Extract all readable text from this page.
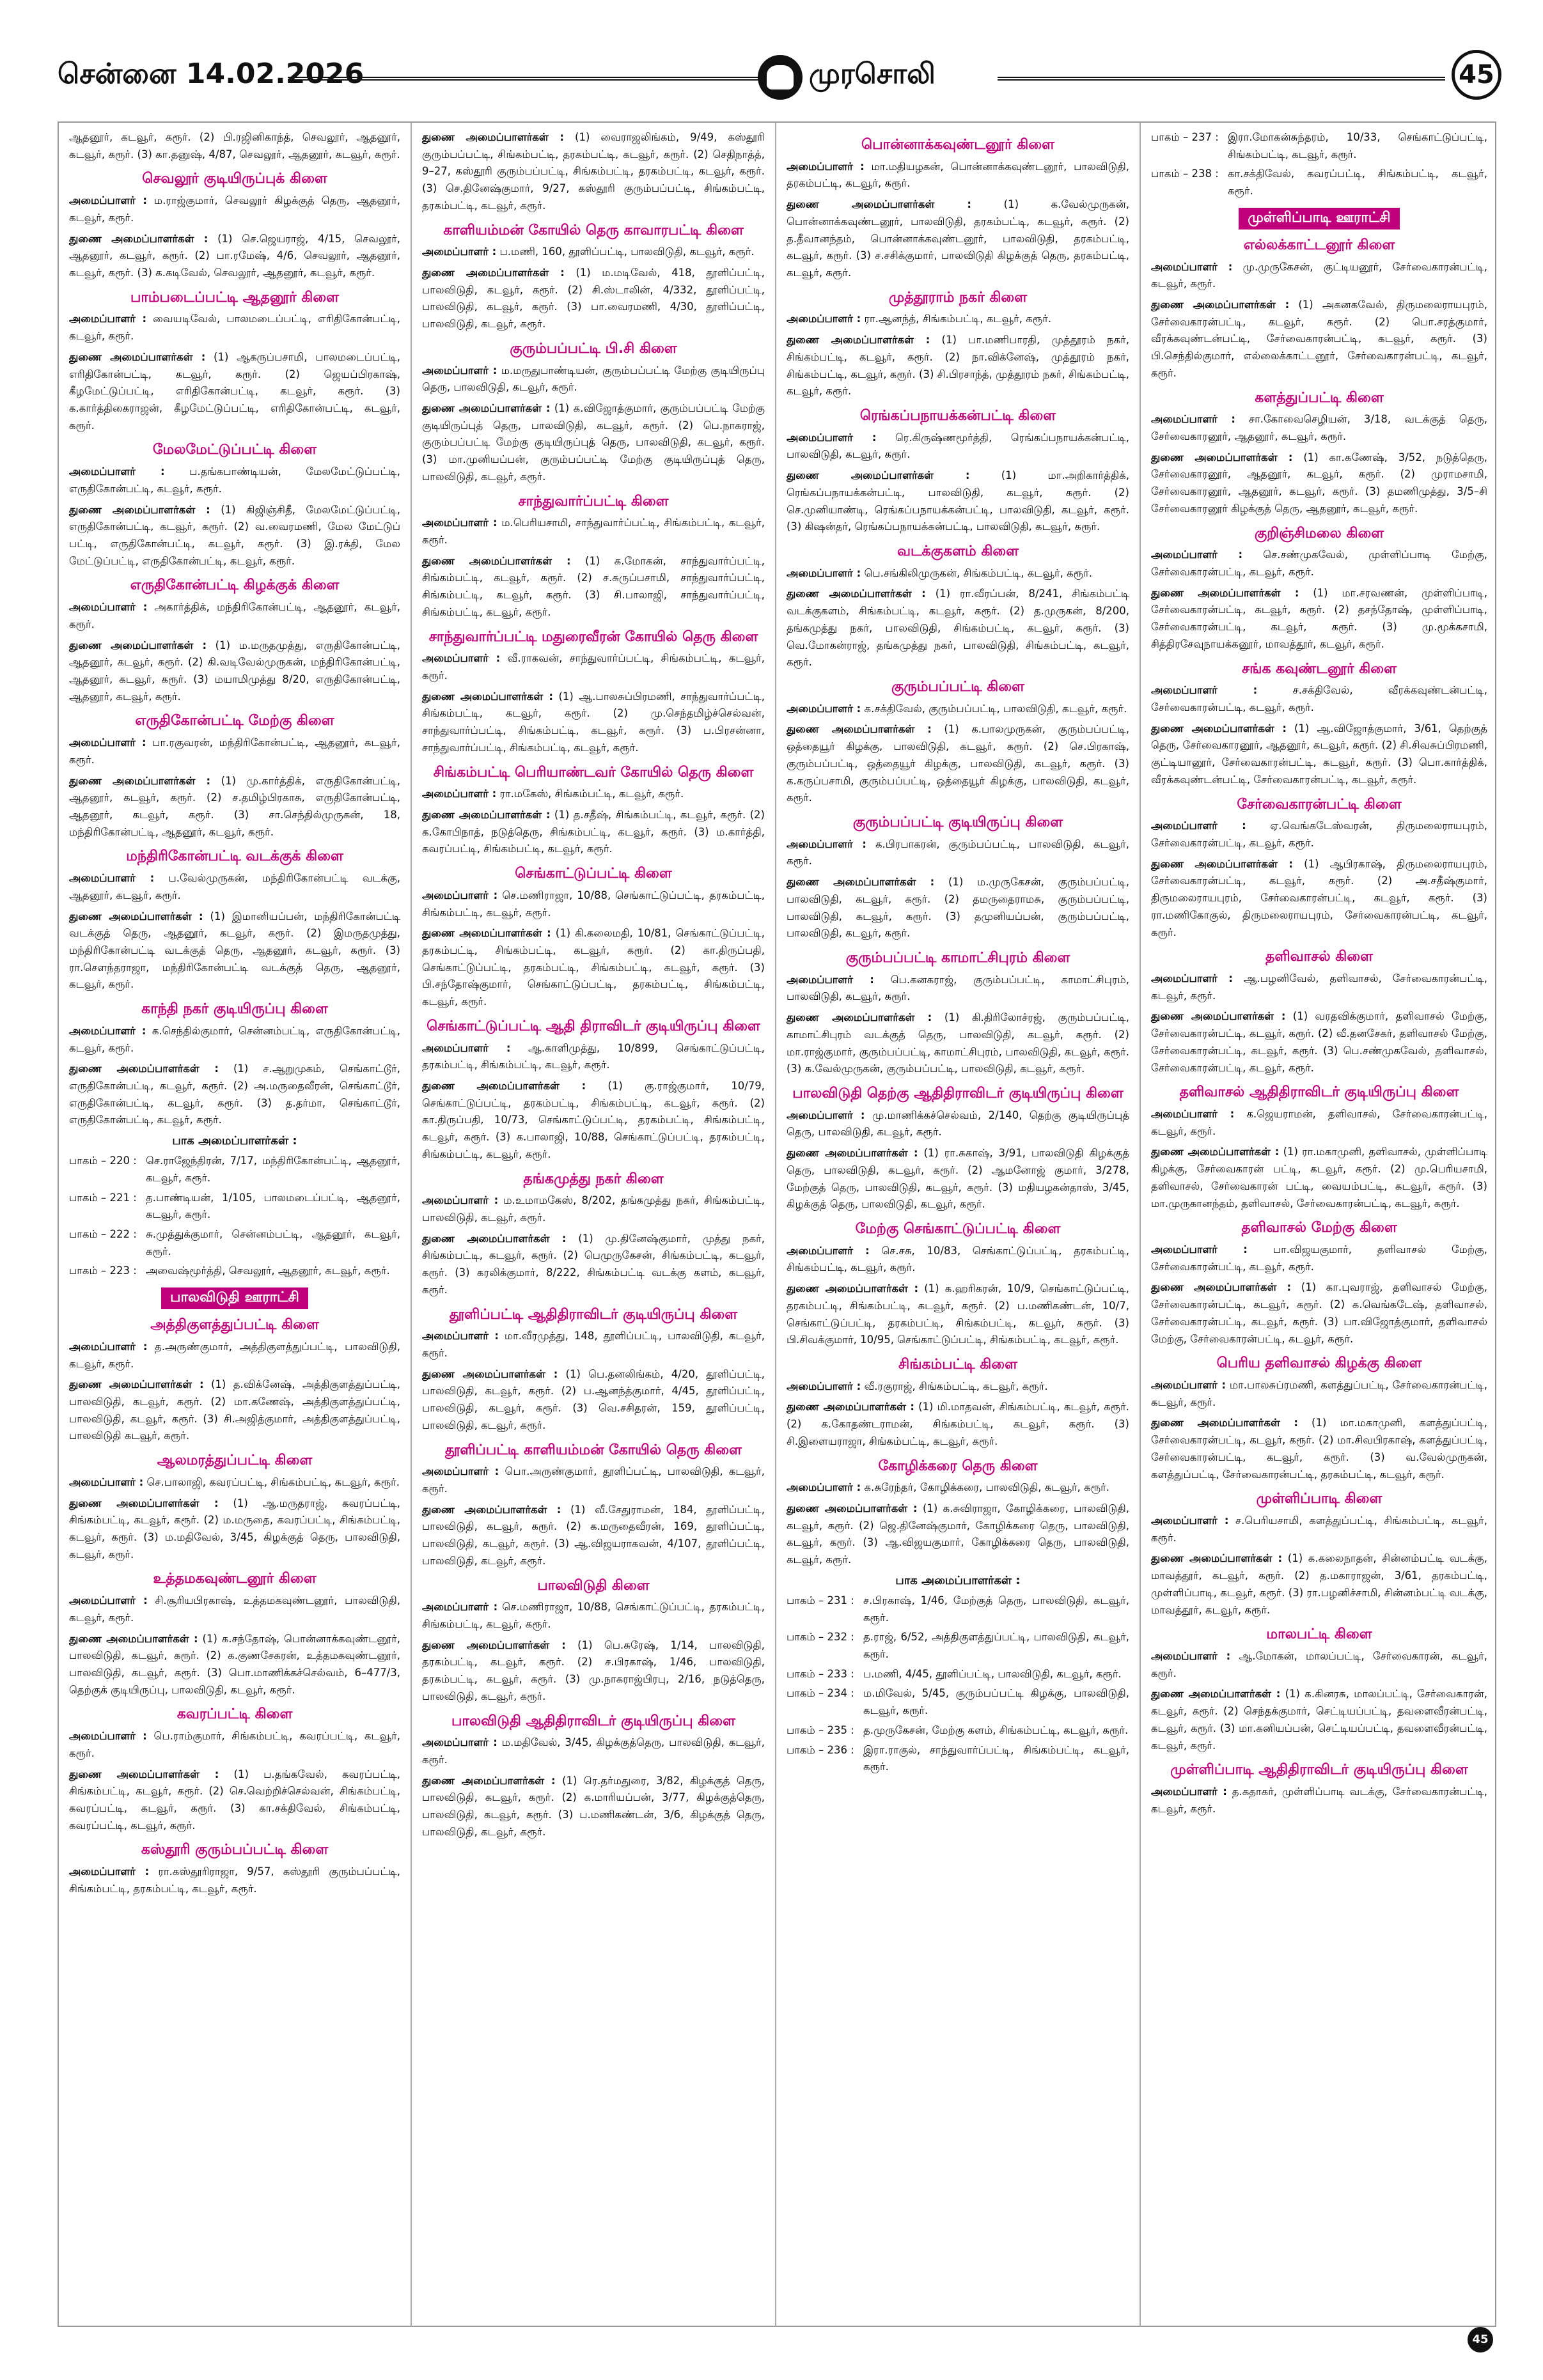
சென்னை 14.02.2026	முரசொலி	45

ஆதனூர், கடவூர், கரூர். (2) பி.ரஜினிகாந்த், செவலூர், ஆதனூர், கடவூர், கரூர். (3) கா.தனுஷ், 4/87, செவலூர், ஆதனூர், கடவூர், கரூர்.

செவலூர் குடியிருப்புக் கிளை

அமைப்பாளர் : ம.ராஜ்குமார், செவலூர் கிழக்குத் தெரு, ஆதனூர், கடவூர், கரூர்.

துணை அமைப்பாளர்கள் : (1) செ.ஜெயராஜ், 4/15, செவலூர், ஆதனூர், கடவூர், கரூர். (2) பா.ரமேஷ், 4/6, செவலூர், ஆதனூர், கடவூர், கரூர். (3) க.கடிவேல், செவலூர், ஆதனூர், கடவூர், கரூர்.

பாம்படைப்பட்டி ஆதனூர் கிளை

அமைப்பாளர் : வையடிவேல், பாலமடைப்பட்டி, எரிதிகோன்பட்டி, கடவூர், கரூர்.

துணை அமைப்பாளர்கள் : (1) ஆகருப்பசாமி, பாலமடைப்பட்டி, எரிதிகோன்பட்டி, கடவூர், கரூர். (2) ஜெயப்பிரகாஷ், கீழமேட்டுப்பட்டி, எரிதிகோன்பட்டி, கடவூர், கரூர். (3) க.கார்த்திகைராஜன், கீழமேட்டுப்பட்டி, எரிதிகோன்பட்டி, கடவூர், கரூர்.

மேலமேட்டுப்பட்டி கிளை

அமைப்பாளர் : ப.தங்கபாண்டியன், மேலமேட்டுப்பட்டி, எருதிகோன்பட்டி, கடவூர், கரூர்.

துணை அமைப்பாளர்கள் : (1) கிஜிஞ்சிதீ, மேலமேட்டுப்பட்டி, எருதிகோன்பட்டி, கடவூர், கரூர். (2) வ.வைரமணி, மேல மேட்டுப் பட்டி, எருதிகோன்பட்டி, கடவூர், கரூர். (3) இ.ரக்தி, மேல மேட்டுப்பட்டி, எருதிகோன்பட்டி, கடவூர், கரூர்.

எருதிகோன்பட்டி கிழக்குக் கிளை

அமைப்பாளர் : அகார்த்திக், மந்திரிகோன்பட்டி, ஆதனூர், கடவூர், கரூர்.

துணை அமைப்பாளர்கள் : (1) ம.மருதமுத்து, எருதிகோன்பட்டி, ஆதனூர், கடவூர், கரூர். (2) கி.வடிவேல்முருகன், மந்திரிகோன்பட்டி, ஆதனூர், கடவூர், கரூர். (3) மயாமிமுத்து 8/20, எருதிகோன்பட்டி, ஆதனூர், கடவூர், கரூர்.

எருதிகோன்பட்டி மேற்கு கிளை

அமைப்பாளர் : பா.ரகுவரன், மந்திரிகோன்பட்டி, ஆதனூர், கடவூர், கரூர்.

துணை அமைப்பாளர்கள் : (1) மு.கார்த்திக், எருதிகோன்பட்டி, ஆதனூர், கடவூர், கரூர். (2) ச.தமிழ்பிரகாசு, எருதிகோன்பட்டி, ஆதனூர், கடவூர், கரூர். (3) சா.செந்தில்முருகன், 18, மந்திரிகோன்பட்டி, ஆதனூர், கடவூர், கரூர்.

மந்திரிகோன்பட்டி வடக்குக் கிளை

அமைப்பாளர் : ப.வேல்முருகன், மந்திரிகோன்பட்டி வடக்கு, ஆதனூர், கடவூர், கரூர்.

துணை அமைப்பாளர்கள் : (1) இமானியப்பன், மந்திரிகோன்பட்டி வடக்குத் தெரு, ஆதனூர், கடவூர், கரூர். (2) இமருதமுத்து, மந்திரிகோன்பட்டி வடக்குத் தெரு, ஆதனூர், கடவூர், கரூர். (3) ரா.செளந்தராஜா, மந்திரிகோன்பட்டி வடக்குத் தெரு, ஆதனூர், கடவூர், கரூர்.

காந்தி நகர் குடியிருப்பு கிளை

அமைப்பாளர் : க.செந்தில்குமார், சென்னம்பட்டி, எருதிகோன்பட்டி, கடவூர், கரூர்.

துணை அமைப்பாளர்கள் : (1) ச.ஆறுமுகம், செங்காட்டூர், எருதிகோன்பட்டி, கடவூர், கரூர். (2) அ.மருதைவீரன், செங்காட்டூர், எருதிகோன்பட்டி, கடவூர், கரூர். (3) த.தர்மா, செங்காட்டூர், எருதிகோன்பட்டி, கடவூர், கரூர்.

பாக அமைப்பாளர்கள் :
பாகம் – 220 : செ.ராஜேந்திரன், 7/17, மந்திரிகோன்பட்டி, ஆதனூர், கடவூர், கரூர்.
பாகம் – 221 : த.பாண்டியன், 1/105, பாலமடைப்பட்டி, ஆதனூர், கடவூர், கரூர்.
பாகம் – 222 : சு.முத்துக்குமார், சென்னம்பட்டி, ஆதனூர், கடவூர், கரூர்.
பாகம் – 223 : அவைஷ்மூர்த்தி, செவலூர், ஆதனூர், கடவூர், கரூர்.
பாலவிடுதி ஊராட்சி
அத்திகுளத்துப்பட்டி கிளை

அமைப்பாளர் : த.அருண்குமார், அத்திகுளத்துப்பட்டி, பாலவிடுதி, கடவூர், கரூர்.

துணை அமைப்பாளர்கள் : (1) த.விக்னேஷ், அத்திகுளத்துப்பட்டி, பாலவிடுதி, கடவூர், கரூர். (2) மா.கணேஷ், அத்திகுளத்துப்பட்டி, பாலவிடுதி, கடவூர், கரூர். (3) சி.அஜித்குமார், அத்திகுளத்துப்பட்டி, பாலவிடுதி கடவூர், கரூர்.

ஆலமரத்துப்பட்டி கிளை

அமைப்பாளர் : செ.பாலாஜி, கவரப்பட்டி, சிங்கம்பட்டி, கடவூர், கரூர்.

துணை அமைப்பாளர்கள் : (1) ஆ.மருதராஜ், கவரப்பட்டி, சிங்கம்பட்டி, கடவூர், கரூர். (2) ம.மருதை, கவரப்பட்டி, சிங்கம்பட்டி, கடவூர், கரூர். (3) ம.மதிவேல், 3/45, கிழக்குத் தெரு, பாலவிடுதி, கடவூர், கரூர்.

உத்தமகவுண்டனூர் கிளை

அமைப்பாளர் : சி.சூரியபிரகாஷ், உத்தமகவுண்டனூர், பாலவிடுதி, கடவூர், கரூர்.

துணை அமைப்பாளர்கள் : (1) க.சந்தோஷ், பொன்னாக்கவுண்டனூர், பாலவிடுதி, கடவூர், கரூர். (2) க.குணசேகரன், உத்தமகவுண்டனூர், பாலவிடுதி, கடவூர், கரூர். (3) பொ.மாணிக்கச்செல்வம், 6–477/3, தெற்குக் குடியிருப்பு, பாலவிடுதி, கடவூர், கரூர்.

கவரப்பட்டி கிளை

அமைப்பாளர் : பெ.ராம்குமார், சிங்கம்பட்டி, கவரப்பட்டி, கடவூர், கரூர்.

துணை அமைப்பாளர்கள் : (1) ப.தங்கவேல், கவரப்பட்டி, சிங்கம்பட்டி, கடவூர், கரூர். (2) செ.வெற்றிச்செல்வன், சிங்கம்பட்டி, கவரப்பட்டி, கடவூர், கரூர். (3) கா.சக்திவேல், சிங்கம்பட்டி, கவரப்பட்டி, கடவூர், கரூர்.

கஸ்தூரி குரும்பப்பட்டி கிளை

அமைப்பாளர் : ரா.கஸ்தூரிராஜா, 9/57, கஸ்தூரி குரும்பப்பட்டி, சிங்கம்பட்டி, தரகம்பட்டி, கடவூர், கரூர்.

துணை அமைப்பாளர்கள் : (1) வைராஜலிங்கம், 9/49, கஸ்தூரி குரும்பப்பட்டி, சிங்கம்பட்டி, தரகம்பட்டி, கடவூர், கரூர். (2) செதிநாத்த், 9–27, கஸ்தூரி குரும்பப்பட்டி, சிங்கம்பட்டி, தரகம்பட்டி, கடவூர், கரூர். (3) செ.தினேஷ்குமார், 9/27, கஸ்தூரி குரும்பப்பட்டி, சிங்கம்பட்டி, தரகம்பட்டி, கடவூர், கரூர்.

காளியம்மன் கோயில் தெரு காவாரபட்டி கிளை

அமைப்பாளர் : ப.மணி, 160, தூளிப்பட்டி, பாலவிடுதி, கடவூர், கரூர்.

துணை அமைப்பாளர்கள் : (1) ம.மடிவேல், 418, தூளிப்பட்டி, பாலவிடுதி, கடவூர், கரூர். (2) சி.ஸ்டாலின், 4/332, தூளிப்பட்டி, பாலவிடுதி, கடவூர், கரூர். (3) பா.வைரமணி, 4/30, தூளிப்பட்டி, பாலவிடுதி, கடவூர், கரூர்.

குரும்பப்பட்டி பி.சி கிளை

அமைப்பாளர் : ம.மருதுபாண்டியன், குரும்பப்பட்டி மேற்கு குடியிருப்பு தெரு, பாலவிடுதி, கடவூர், கரூர்.

துணை அமைப்பாளர்கள் : (1) க.விஜோத்குமார், குரும்பப்பட்டி மேற்கு குடியிருப்புத் தெரு, பாலவிடுதி, கடவூர், கரூர். (2) பெ.நாகராஜ், குரும்பப்பட்டி மேற்கு குடியிருப்புத் தெரு, பாலவிடுதி, கடவூர், கரூர். (3) மா.முனியப்பன், குரும்பப்பட்டி மேற்கு குடியிருப்புத் தெரு, பாலவிடுதி, கடவூர், கரூர்.

சாந்துவார்ப்பட்டி கிளை

அமைப்பாளர் : ம.பெரியசாமி, சாந்துவார்ப்பட்டி, சிங்கம்பட்டி, கடவூர், கரூர்.

துணை அமைப்பாளர்கள் : (1) க.மோகன், சாந்துவார்ப்பட்டி, சிங்கம்பட்டி, கடவூர், கரூர். (2) ச.சுருப்பசாமி, சாந்துவார்ப்பட்டி, சிங்கம்பட்டி, கடவூர், கரூர். (3) சி.பாலாஜி, சாந்துவார்ப்பட்டி, சிங்கம்பட்டி, கடவூர், கரூர்.

சாந்துவார்ப்பட்டி மதுரைவீரன் கோயில் தெரு கிளை

அமைப்பாளர் : வீ.ராகவன், சாந்துவார்ப்பட்டி, சிங்கம்பட்டி, கடவூர், கரூர்.

துணை அமைப்பாளர்கள் : (1) ஆ.பாலசுப்பிரமணி, சாந்துவார்ப்பட்டி, சிங்கம்பட்டி, கடவூர், கரூர். (2) மு.செந்தமிழ்ச்செல்வன், சாந்துவார்ப்பட்டி, சிங்கம்பட்டி, கடவூர், கரூர். (3) ப.பிரசன்னா, சாந்துவார்ப்பட்டி, சிங்கம்பட்டி, கடவூர், கரூர்.

சிங்கம்பட்டி பெரியாண்டவர் கோயில் தெரு கிளை

அமைப்பாளர் : ரா.மகேஸ், சிங்கம்பட்டி, கடவூர், கரூர்.

துணை அமைப்பாளர்கள் : (1) த.சதீஷ், சிங்கம்பட்டி, கடவூர், கரூர். (2) க.கோபிநாத், நடுத்தெரு, சிங்கம்பட்டி, கடவூர், கரூர். (3) ம.கார்த்தி, கவரப்பட்டி, சிங்கம்பட்டி, கடவூர், கரூர்.

செங்காட்டுப்பட்டி கிளை

அமைப்பாளர் : செ.மணிராஜா, 10/88, செங்காட்டுப்பட்டி, தரகம்பட்டி, சிங்கம்பட்டி, கடவூர், கரூர்.

துணை அமைப்பாளர்கள் : (1) கி.கலைமதி, 10/81, செங்காட்டுப்பட்டி, தரகம்பட்டி, சிங்கம்பட்டி, கடவூர், கரூர். (2) கா.திருப்பதி, செங்காட்டுப்பட்டி, தரகம்பட்டி, சிங்கம்பட்டி, கடவூர், கரூர். (3) பி.சந்தோஷ்குமார், செங்காட்டுப்பட்டி, தரகம்பட்டி, சிங்கம்பட்டி, கடவூர், கரூர்.

செங்காட்டுப்பட்டி ஆதி திராவிடர் குடியிருப்பு கிளை

அமைப்பாளர் : ஆ.காளிமுத்து, 10/899, செங்காட்டுப்பட்டி, தரகம்பட்டி, சிங்கம்பட்டி, கடவூர், கரூர்.

துணை அமைப்பாளர்கள் : (1) கு.ராஜ்குமார், 10/79, செங்காட்டுப்பட்டி, தரகம்பட்டி, சிங்கம்பட்டி, கடவூர், கரூர். (2) கா.திருப்பதி, 10/73, செங்காட்டுப்பட்டி, தரகம்பட்டி, சிங்கம்பட்டி, கடவூர், கரூர். (3) க.பாலாஜி, 10/88, செங்காட்டுப்பட்டி, தரகம்பட்டி, சிங்கம்பட்டி, கடவூர், கரூர்.

தங்கமுத்து நகர் கிளை

அமைப்பாளர் : ம.உமாமகேஸ், 8/202, தங்கமுத்து நகர், சிங்கம்பட்டி, பாலவிடுதி, கடவூர், கரூர்.

துணை அமைப்பாளர்கள் : (1) மு.தினேஷ்குமார், முத்து நகர், சிங்கம்பட்டி, கடவூர், கரூர். (2) பெமுருகேசன், சிங்கம்பட்டி, கடவூர், கரூர். (3) கரலிக்குமார், 8/222, சிங்கம்பட்டி வடக்கு களம், கடவூர், கரூர்.

தூளிப்பட்டி ஆதிதிராவிடர் குடியிருப்பு கிளை

அமைப்பாளர் : மா.வீரமுத்து, 148, தூளிப்பட்டி, பாலவிடுதி, கடவூர், கரூர்.

துணை அமைப்பாளர்கள் : (1) பெ.தனலிங்கம், 4/20, தூளிப்பட்டி, பாலவிடுதி, கடவூர், கரூர். (2) ப.ஆனந்த்குமார், 4/45, தூளிப்பட்டி, பாலவிடுதி, கடவூர், கரூர். (3) வெ.சசிதரன், 159, தூளிப்பட்டி, பாலவிடுதி, கடவூர், கரூர்.

தூளிப்பட்டி காளியம்மன் கோயில் தெரு கிளை

அமைப்பாளர் : பொ.அருண்குமார், தூளிப்பட்டி, பாலவிடுதி, கடவூர், கரூர்.

துணை அமைப்பாளர்கள் : (1) வீ.சேதுராமன், 184, தூளிப்பட்டி, பாலவிடுதி, கடவூர், கரூர். (2) க.மருதைவீரன், 169, தூளிப்பட்டி, பாலவிடுதி, கடவூர், கரூர். (3) ஆ.விஜயராகவன், 4/107, தூளிப்பட்டி, பாலவிடுதி, கடவூர், கரூர்.

பாலவிடுதி கிளை

அமைப்பாளர் : செ.மணிராஜா, 10/88, செங்காட்டுப்பட்டி, தரகம்பட்டி, சிங்கம்பட்டி, கடவூர், கரூர்.

துணை அமைப்பாளர்கள் : (1) பெ.சுரேஷ், 1/14, பாலவிடுதி, தரகம்பட்டி, கடவூர், கரூர். (2) ச.பிரகாஷ், 1/46, பாலவிடுதி, தரகம்பட்டி, கடவூர், கரூர். (3) மு.நாகராஜ்பிரபு, 2/16, நடுத்தெரு, பாலவிடுதி, கடவூர், கரூர்.

பாலவிடுதி ஆதிதிராவிடர் குடியிருப்பு கிளை

அமைப்பாளர் : ம.மதிவேல், 3/45, கிழக்குத்தெரு, பாலவிடுதி, கடவூர், கரூர்.

துணை அமைப்பாளர்கள் : (1) ரெ.தர்மதுரை, 3/82, கிழக்குத் தெரு, பாலவிடுதி, கடவூர், கரூர். (2) க.மாரியப்பன், 3/77, கிழக்குத்தெரு, பாலவிடுதி, கடவூர், கரூர். (3) ப.மணிகண்டன், 3/6, கிழக்குத் தெரு, பாலவிடுதி, கடவூர், கரூர்.

பொன்னாக்கவுண்டனூர் கிளை

அமைப்பாளர் : மா.மதியழகன், பொன்னாக்கவுண்டனூர், பாலவிடுதி, தரகம்பட்டி, கடவூர், கரூர்.

துணை அமைப்பாளர்கள் :	(1) க.வேல்முருகன், பொன்னாக்கவுண்டனூர், பாலவிடுதி, தரகம்பட்டி, கடவூர், கரூர். (2) த.தீவானந்தம், பொன்னாக்கவுண்டனூர், பாலவிடுதி, தரகம்பட்டி, கடவூர், கரூர். (3) ச.சசிக்குமார், பாலவிடுதி கிழக்குத் தெரு, தரகம்பட்டி, கடவூர், கரூர்.

முத்தூராம் நகர் கிளை

அமைப்பாளர் : ரா.ஆனந்த், சிங்கம்பட்டி, கடவூர், கரூர்.

துணை அமைப்பாளர்கள் : (1) பா.மணிபாரதி, முத்தூரம் நகர், சிங்கம்பட்டி, கடவூர், கரூர். (2) நா.விக்னேஷ், முத்தூரம் நகர், சிங்கம்பட்டி, கடவூர், கரூர். (3) சி.பிரசாந்த், முத்தூரம் நகர், சிங்கம்பட்டி, கடவூர், கரூர்.

ரெங்கப்பநாயக்கன்பட்டி கிளை

அமைப்பாளர் : ரெ.கிருஷ்ணமூர்த்தி, ரெங்கப்பநாயக்கன்பட்டி, பாலவிடுதி, கடவூர், கரூர்.

துணை அமைப்பாளர்கள் :	(1) மா.அறிகார்த்திக், ரெங்கப்பநாயக்கன்பட்டி, பாலவிடுதி, கடவூர், கரூர். (2) செ.முனியாண்டி, ரெங்கப்பநாயக்கன்பட்டி, பாலவிடுதி, கடவூர், கரூர். (3) கிஷன்தர், ரெங்கப்பநாயக்கன்பட்டி, பாலவிடுதி, கடவூர், கரூர்.

வடக்குகளம் கிளை

அமைப்பாளர் : பெ.சங்கிலிமுருகன், சிங்கம்பட்டி, கடவூர், கரூர்.

துணை அமைப்பாளர்கள் : (1) ரா.வீரப்பன், 8/241, சிங்கம்பட்டி வடக்குகளம், சிங்கம்பட்டி, கடவூர், கரூர். (2) த.முருகன், 8/200, தங்கமுத்து நகர், பாலவிடுதி, சிங்கம்பட்டி, கடவூர், கரூர். (3) வெ.மோகன்ராஜ், தங்கமுத்து நகர், பாலவிடுதி, சிங்கம்பட்டி, கடவூர், கரூர்.

குரும்பப்பட்டி கிளை

அமைப்பாளர் : க.சக்திவேல், குரும்பப்பட்டி, பாலவிடுதி, கடவூர், கரூர்.

துணை அமைப்பாளர்கள் : (1) க.பாலமுருகன், குரும்பப்பட்டி, ஒத்தையூர் கிழக்கு, பாலவிடுதி, கடவூர், கரூர். (2) செ.பிரகாஷ், குரும்பப்பட்டி, ஒத்தையூர் கிழக்கு, பாலவிடுதி, கடவூர், கரூர். (3) க.கருப்பசாமி, குரும்பப்பட்டி, ஒத்தையூர் கிழக்கு, பாலவிடுதி, கடவூர், கரூர்.

குரும்பப்பட்டி குடியிருப்பு கிளை

அமைப்பாளர் : க.பிரபாகரன், குரும்பப்பட்டி, பாலவிடுதி, கடவூர், கரூர்.

துணை அமைப்பாளர்கள் : (1) ம.முருகேசன், குரும்பப்பட்டி, பாலவிடுதி, கடவூர், கரூர். (2) தமருதைராமசு, குரும்பப்பட்டி, பாலவிடுதி, கடவூர், கரூர். (3) தமுனியப்பன், குரும்பப்பட்டி, பாலவிடுதி, கடவூர், கரூர்.

குரும்பப்பட்டி காமாட்சிபுரம் கிளை

அமைப்பாளர் : பெ.கனகராஜ், குரும்பப்பட்டி, காமாட்சிபுரம், பாலவிடுதி, கடவூர், கரூர்.

துணை அமைப்பாளர்கள் : (1) கி.திரிலோச்ரஜ், குரும்பப்பட்டி, காமாட்சிபுரம் வடக்குத் தெரு, பாலவிடுதி, கடவூர், கரூர். (2) மா.ராஜ்குமார், குரும்பப்பட்டி, காமாட்சிபுரம், பாலவிடுதி, கடவூர், கரூர். (3) க.வேல்முருகன், குரும்பப்பட்டி, பாலவிடுதி, கடவூர், கரூர்.

பாலவிடுதி தெற்கு ஆதிதிராவிடர் குடியிருப்பு கிளை

அமைப்பாளர் : மு.மாணிக்கச்செல்வம், 2/140, தெற்கு குடியிருப்புத் தெரு, பாலவிடுதி, கடவூர், கரூர்.

துணை அமைப்பாளர்கள் : (1) ரா.சுகாஷ், 3/91, பாலவிடுதி கிழக்குத் தெரு, பாலவிடுதி, கடவூர், கரூர். (2) ஆமனோஜ் குமார், 3/278, மேற்குத் தெரு, பாலவிடுதி, கடவூர், கரூர். (3) மதியழகன்தாஸ், 3/45, கிழக்குத் தெரு, பாலவிடுதி, கடவூர், கரூர்.

மேற்கு செங்காட்டுப்பட்டி கிளை

அமைப்பாளர் : செ.சசு, 10/83, செங்காட்டுப்பட்டி, தரகம்பட்டி, சிங்கம்பட்டி, கடவூர், கரூர்.

துணை அமைப்பாளர்கள் : (1) க.ஹரிகரன், 10/9, செங்காட்டுப்பட்டி, தரகம்பட்டி, சிங்கம்பட்டி, கடவூர், கரூர். (2) ப.மணிகண்டன், 10/7, செங்காட்டுப்பட்டி, தரகம்பட்டி, சிங்கம்பட்டி, கடவூர், கரூர். (3) பி.சிவக்குமார், 10/95, செங்காட்டுப்பட்டி, சிங்கம்பட்டி, கடவூர், கரூர்.

சிங்கம்பட்டி கிளை

அமைப்பாளர் : வீ.ரகுராஜ், சிங்கம்பட்டி, கடவூர், கரூர்.

துணை அமைப்பாளர்கள் : (1) மி.மாதவன், சிங்கம்பட்டி, கடவூர், கரூர். (2) க.கோதண்டராமன், சிங்கம்பட்டி, கடவூர், கரூர். (3) சி.இளையராஜா, சிங்கம்பட்டி, கடவூர், கரூர்.

கோழிக்கரை தெரு கிளை

அமைப்பாளர் : க.சுரேந்தர், கோழிக்கரை, பாலவிடுதி, கடவூர், கரூர்.

துணை அமைப்பாளர்கள் : (1) க.சுவிராஜா, கோழிக்கரை, பாலவிடுதி, கடவூர், கரூர். (2) ஜெ.தினேஷ்குமார், கோழிக்கரை தெரு, பாலவிடுதி, கடவூர், கரூர். (3) ஆ.விஜயகுமார், கோழிக்கரை தெரு, பாலவிடுதி, கடவூர், கரூர்.

பாக அமைப்பாளர்கள் :
பாகம் – 231 : ச.பிரகாஷ், 1/46, மேற்குத் தெரு, பாலவிடுதி, கடவூர், கரூர்.
பாகம் – 232 : த.ராஜ், 6/52, அத்திகுளத்துப்பட்டி, பாலவிடுதி, கடவூர், கரூர்.
பாகம் – 233 : ப.மணி, 4/45, தூளிப்பட்டி, பாலவிடுதி, கடவூர், கரூர்.
பாகம் – 234 : ம.மிவேல், 5/45, குரும்பப்பட்டி கிழக்கு, பாலவிடுதி, கடவூர், கரூர்.
பாகம் – 235 : த.முருகேசன், மேற்கு களம், சிங்கம்பட்டி, கடவூர், கரூர்.
பாகம் – 236 : இரா.ராகுல், சாந்துவார்ப்பட்டி, சிங்கம்பட்டி, கடவூர், கரூர்.
பாகம் – 237 : இரா.மோகன்சுந்தரம், 10/33, செங்காட்டுப்பட்டி, சிங்கம்பட்டி, கடவூர், கரூர்.
பாகம் – 238 : கா.சக்திவேல், கவரப்பட்டி, சிங்கம்பட்டி, கடவூர், கரூர்.
முள்ளிப்பாடி ஊராட்சி
எல்லக்காட்டனூர் கிளை

அமைப்பாளர் : மு.முருகேசன், குட்டியனூர், சேர்வைகாரன்பட்டி, கடவூர், கரூர்.

துணை அமைப்பாளர்கள் : (1) அகனகவேல், திருமலைராயபுரம், சேர்வைகாரன்பட்டி, கடவூர், கரூர். (2) பொ.சரத்குமார், வீரக்கவுண்டன்பட்டி, சேர்வைகாரன்பட்டி, கடவூர், கரூர். (3) பி.செந்தில்குமார், எல்லைக்காட்டனூர், சேர்வைகாரன்பட்டி, கடவூர், கரூர்.

களத்துப்பட்டி கிளை

அமைப்பாளர் : சா.கோவைசெழியன், 3/18, வடக்குத் தெரு, சேர்வைகாரனூர், ஆதனூர், கடவூர், கரூர்.

துணை அமைப்பாளர்கள் : (1) கா.கணேஷ், 3/52, நடுத்தெரு, சேர்வைகாரனூர், ஆதனூர், கடவூர், கரூர். (2) முராமசாமி, சேர்வைகாரனூர், ஆதனூர், கடவூர், கரூர். (3) தமணிமுத்து, 3/5–சி சேர்வைகாரனூர் கிழக்குத் தெரு, ஆதனூர், கடவூர், கரூர்.

குறிஞ்சிமலை கிளை

அமைப்பாளர் : செ.சண்முகவேல், முள்ளிப்பாடி மேற்கு, சேர்வைகாரன்பட்டி, கடவூர், கரூர்.

துணை அமைப்பாளர்கள் : (1) மா.சரவணன், முள்ளிப்பாடி, சேர்வைகாரன்பட்டி, கடவூர், கரூர். (2) தசந்தோஷ், முள்ளிப்பாடி, சேர்வைகாரன்பட்டி, கடவூர், கரூர். (3) மு.மூக்கசாமி, சித்திரசேவுநாயக்கனூர், மாவத்தூர், கடவூர், கரூர்.

சங்க கவுண்டனூர் கிளை

அமைப்பாளர் :	ச.சக்திவேல், வீரக்கவுண்டன்பட்டி, சேர்வைகாரன்பட்டி, கடவூர், கரூர்.

துணை அமைப்பாளர்கள் : (1) ஆ.விஜோத்குமார், 3/61, தெற்குத் தெரு, சேர்வைகாரனூர், ஆதனூர், கடவூர், கரூர். (2) சி.சிவசுப்பிரமணி, குட்டியானூர், சேர்வைகாரன்பட்டி, கடவூர், கரூர். (3) பொ.கார்த்திக், வீரக்கவுண்டன்பட்டி, சேர்வைகாரன்பட்டி, கடவூர், கரூர்.

சேர்வைகாரன்பட்டி கிளை

அமைப்பாளர் : ஏ.வெங்கடேஸ்வரன், திருமலைராயபுரம், சேர்வைகாரன்பட்டி, கடவூர், கரூர்.

துணை அமைப்பாளர்கள் : (1) ஆபிரகாஷ், திருமலைராயபுரம், சேர்வைகாரன்பட்டி, கடவூர், கரூர். (2) அ.சதீஷ்குமார், திருமலைராயபுரம், சேர்வைகாரன்பட்டி, கடவூர், கரூர். (3) ரா.மணிகோகுல், திருமலைராயபுரம், சேர்வைகாரன்பட்டி, கடவூர், கரூர்.

தளிவாசல் கிளை

அமைப்பாளர் : ஆ.பழனிவேல், தளிவாசல், சேர்வைகாரன்பட்டி, கடவூர், கரூர்.

துணை அமைப்பாளர்கள் : (1) வரதவிக்குமார், தளிவாசல் மேற்கு, சேர்வைகாரன்பட்டி, கடவூர், கரூர். (2) வீ.தனசேகர், தளிவாசல் மேற்கு, சேர்வைகாரன்பட்டி, கடவூர், கரூர். (3) பெ.சண்முகவேல், தளிவாசல், சேர்வைகாரன்பட்டி, கடவூர், கரூர்.

தளிவாசல் ஆதிதிராவிடர் குடியிருப்பு கிளை

அமைப்பாளர் : க.ஜெயராமன், தளிவாசல், சேர்வைகாரன்பட்டி, கடவூர், கரூர்.

துணை அமைப்பாளர்கள் : (1) ரா.மகாமுனி, தளிவாசல், முள்ளிப்பாடி கிழக்கு, சேர்வைகாரன் பட்டி, கடவூர், கரூர். (2) மு.பெரியசாமி, தளிவாசல், சேர்வைகாரன் பட்டி, வையம்பட்டி, கடவூர், கரூர். (3) மா.முருகானந்தம், தளிவாசல், சேர்வைகாரன்பட்டி, கடவூர், கரூர்.

தளிவாசல் மேற்கு கிளை

அமைப்பாளர் : பா.விஜயகுமார், தளிவாசல் மேற்கு, சேர்வைகாரன்பட்டி, கடவூர், கரூர்.

துணை அமைப்பாளர்கள் : (1) கா.புவராஜ், தளிவாசல் மேற்கு, சேர்வைகாரன்பட்டி, கடவூர், கரூர். (2) க.வெங்கடேஷ், தளிவாசல், சேர்வைகாரன்பட்டி, கடவூர், கரூர். (3) பா.விஜோத்குமார், தளிவாசல் மேற்கு, சேர்வைகாரன்பட்டி, கடவூர், கரூர்.

பெரிய தளிவாசல் கிழக்கு கிளை

அமைப்பாளர் : மா.பாலசுப்ரமணி, களத்துப்பட்டி, சேர்வைகாரன்பட்டி, கடவூர், கரூர்.

துணை அமைப்பாளர்கள் : (1) மா.மகாமுனி, களத்துப்பட்டி, சேர்வைகாரன்பட்டி, கடவூர், கரூர். (2) மா.சிவபிரகாஷ், களத்துப்பட்டி, சேர்வைகாரன்பட்டி, கடவூர், கரூர். (3) வ.வேல்முருகன், களத்துப்பட்டி, சேர்வைகாரன்பட்டி, தரகம்பட்டி, கடவூர், கரூர்.

முள்ளிப்பாடி கிளை

அமைப்பாளர் : ச.பெரியசாமி, களத்துப்பட்டி, சிங்கம்பட்டி, கடவூர், கரூர்.

துணை அமைப்பாளர்கள் : (1) க.கலைநாதன், சின்னம்பட்டி வடக்கு, மாவத்தூர், கடவூர், கரூர். (2) த.மகாராஜன், 3/61, தரகம்பட்டி, முள்ளிப்பாடி, கடவூர், கரூர். (3) ரா.பழனிச்சாமி, சின்னம்பட்டி வடக்கு, மாவத்தூர், கடவூர், கரூர்.

மாலபட்டி கிளை

அமைப்பாளர் : ஆ.மோகன், மாலப்பட்டி, சேர்வைகாரன், கடவூர், கரூர்.

துணை அமைப்பாளர்கள் : (1) க.கினரசு, மாலப்பட்டி, சேர்வைகாரன், கடவூர், கரூர். (2) செந்தக்குமார், செட்டியப்பட்டி, தவளைவீரன்பட்டி, கடவூர், கரூர். (3) மா.கனியப்பன், செட்டியப்பட்டி, தவளைவீரன்பட்டி, கடவூர், கரூர்.

முள்ளிப்பாடி ஆதிதிராவிடர் குடியிருப்பு கிளை

அமைப்பாளர் : த.கதாகர், முள்ளிப்பாடி வடக்கு, சேர்வைகாரன்பட்டி, கடவூர், கரூர்.

45
